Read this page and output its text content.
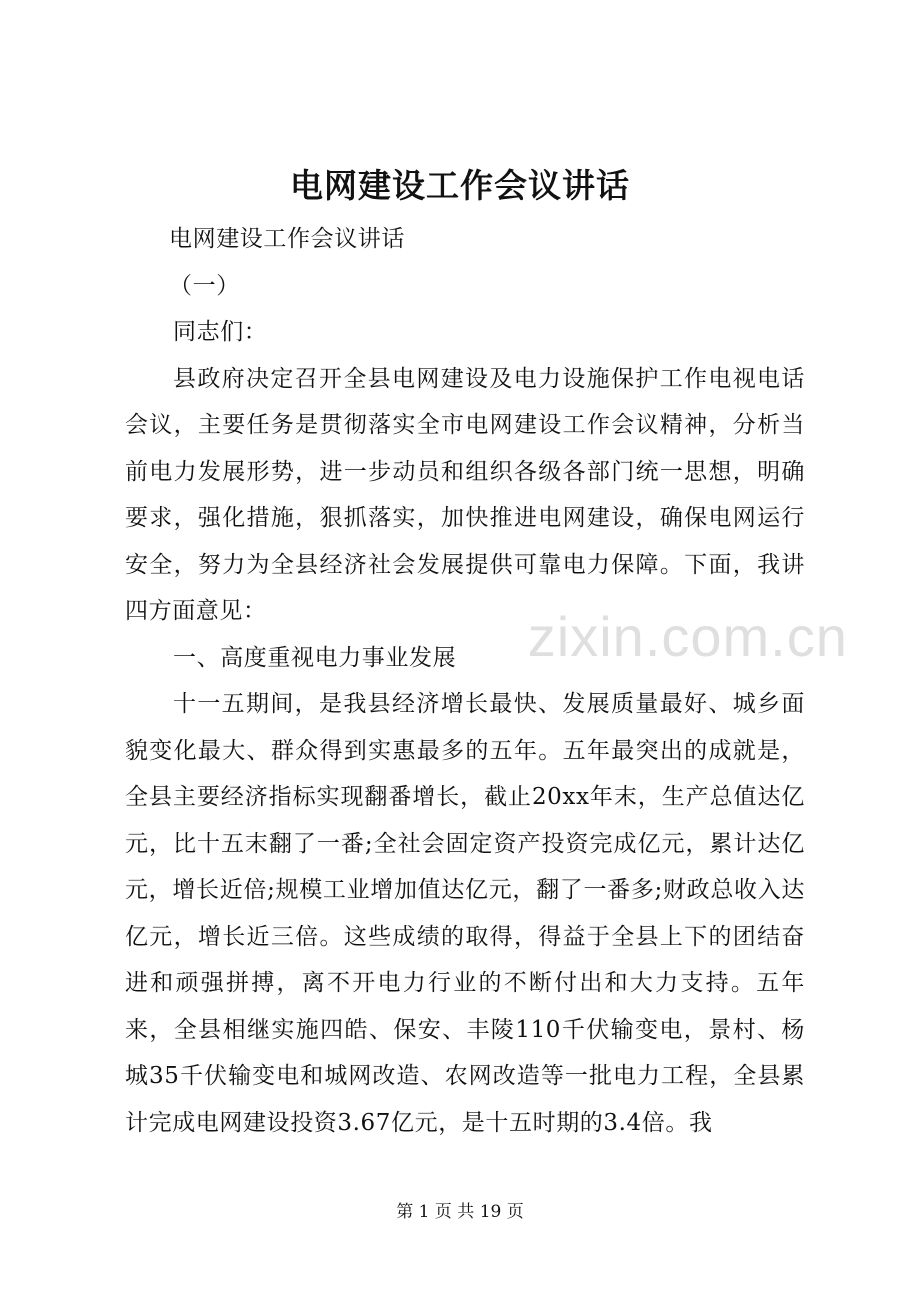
电网建设工作会议讲话

电网建设工作会议讲话

（一）

同志们：

县政府决定召开全县电网建设及电力设施保护工作电视电话会议，主要任务是贯彻落实全市电网建设工作会议精神，分析当前电力发展形势，进一步动员和组织各级各部门统一思想，明确要求，强化措施，狠抓落实，加快推进电网建设，确保电网运行安全，努力为全县经济社会发展提供可靠电力保障。下面，我讲四方面意见：

一、高度重视电力事业发展

十一五期间，是我县经济增长最快、发展质量最好、城乡面貌变化最大、群众得到实惠最多的五年。五年最突出的成就是，全县主要经济指标实现翻番增长，截止20xx年末，生产总值达亿元，比十五末翻了一番;全社会固定资产投资完成亿元，累计达亿元，增长近倍;规模工业增加值达亿元，翻了一番多;财政总收入达亿元，增长近三倍。这些成绩的取得，得益于全县上下的团结奋进和顽强拼搏，离不开电力行业的不断付出和大力支持。五年来，全县相继实施四皓、保安、丰陵110千伏输变电，景村、杨城35千伏输变电和城网改造、农网改造等一批电力工程，全县累计完成电网建设投资3.67亿元，是十五时期的3.4倍。我

zixin.com.cn
第 1 页 共 19 页
